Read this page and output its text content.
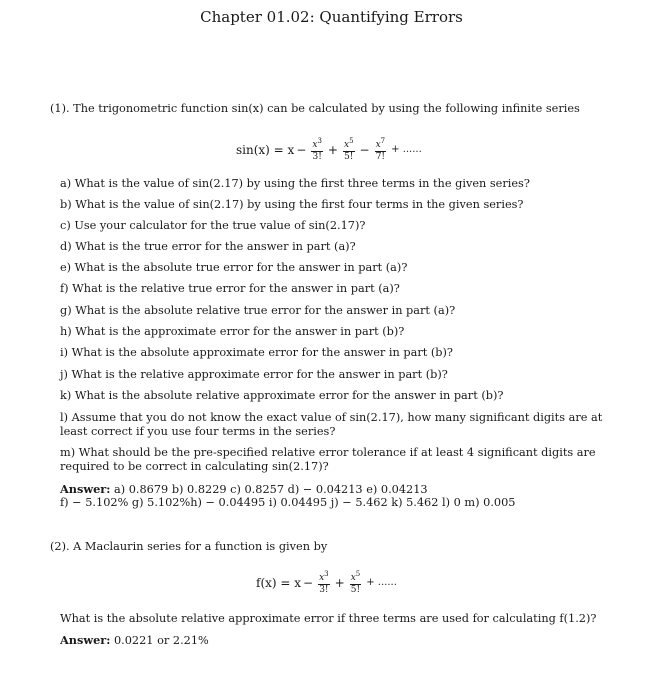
Chapter 01.02: Quantifying Errors
(1). The trigonometric function sin(x) can be calculated by using the following infinite series
$\sin(x) = x - \frac{x^3}{3!} + \frac{x^5}{5!} - \frac{x^7}{7!}$ + ......
a) What is the value of sin(2.17) by using the first three terms in the given series?
b) What is the value of sin(2.17) by using the first four terms in the given series?
c) Use your calculator for the true value of sin(2.17)?
d) What is the true error for the answer in part (a)?
e) What is the absolute true error for the answer in part (a)?
f) What is the relative true error for the answer in part (a)?
g) What is the absolute relative true error for the answer in part (a)?
h) What is the approximate error for the answer in part (b)?
i) What is the absolute approximate error for the answer in part (b)?
j) What is the relative approximate error for the answer in part (b)?
k) What is the absolute relative approximate error for the answer in part (b)?
l) Assume that you do not know the exact value of sin(2.17), how many significant digits are at least correct if you use four terms in the series?
m) What should be the pre-specified relative error tolerance if at least 4 significant digits are required to be correct in calculating sin(2.17)?
Answer: a) 0.8679 b) 0.8229 c) 0.8257 d) − 0.04213 e) 0.04213
f) − 5.102% g) 5.102%h) − 0.04495 i) 0.04495 j) − 5.462 k) 5.462 l) 0 m) 0.005
(2). A Maclaurin series for a function is given by
$f(x) = x - \frac{x^3}{3!} + \frac{x^5}{5!}$ + ......
What is the absolute relative approximate error if three terms are used for calculating f(1.2)?
Answer: 0.0221 or 2.21%
